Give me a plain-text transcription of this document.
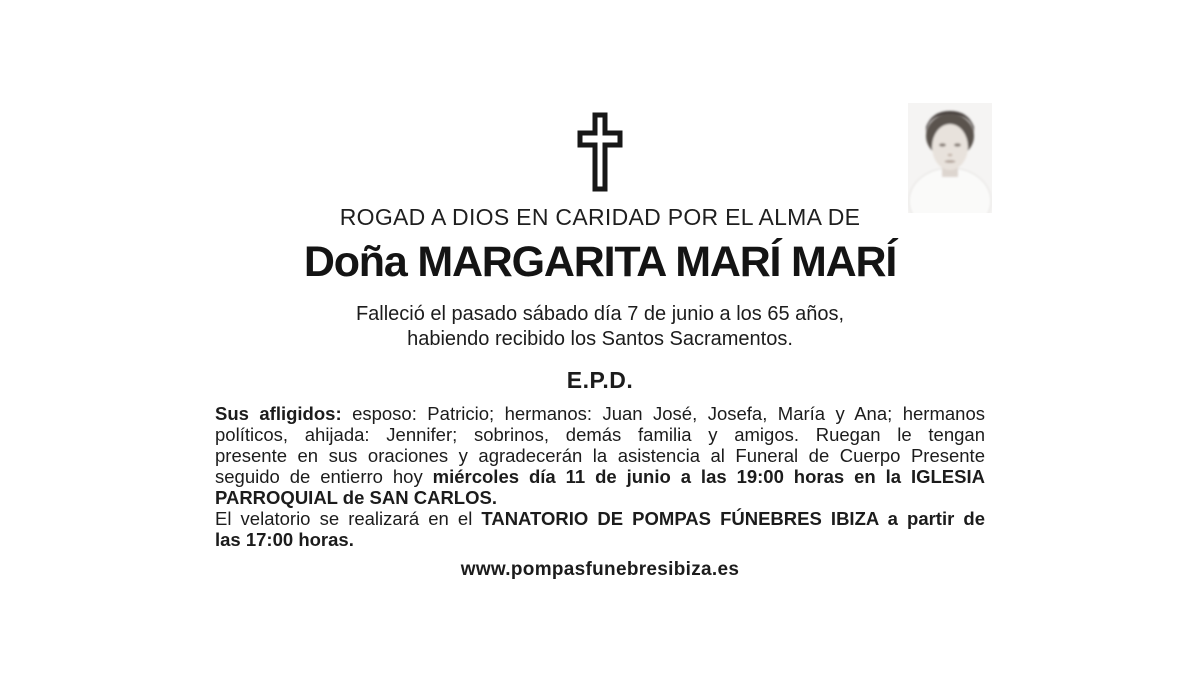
ROGAD A DIOS EN CARIDAD POR EL ALMA DE
Doña MARGARITA MARÍ MARÍ
Falleció el pasado sábado día 7 de junio a los 65 años,
habiendo recibido los Santos Sacramentos.
E.P.D.
Sus afligidos: esposo: Patricio; hermanos: Juan José, Josefa, María y Ana; hermanos
políticos, ahijada: Jennifer; sobrinos, demás familia y amigos. Ruegan le tengan
presente en sus oraciones y agradecerán la asistencia al Funeral de Cuerpo Presente
seguido de entierro hoy miércoles día 11 de junio a las 19:00 horas en la IGLESIA
PARROQUIAL de SAN CARLOS.
El velatorio se realizará en el TANATORIO DE POMPAS FÚNEBRES IBIZA a partir de
las 17:00 horas.
www.pompasfunebresibiza.es
